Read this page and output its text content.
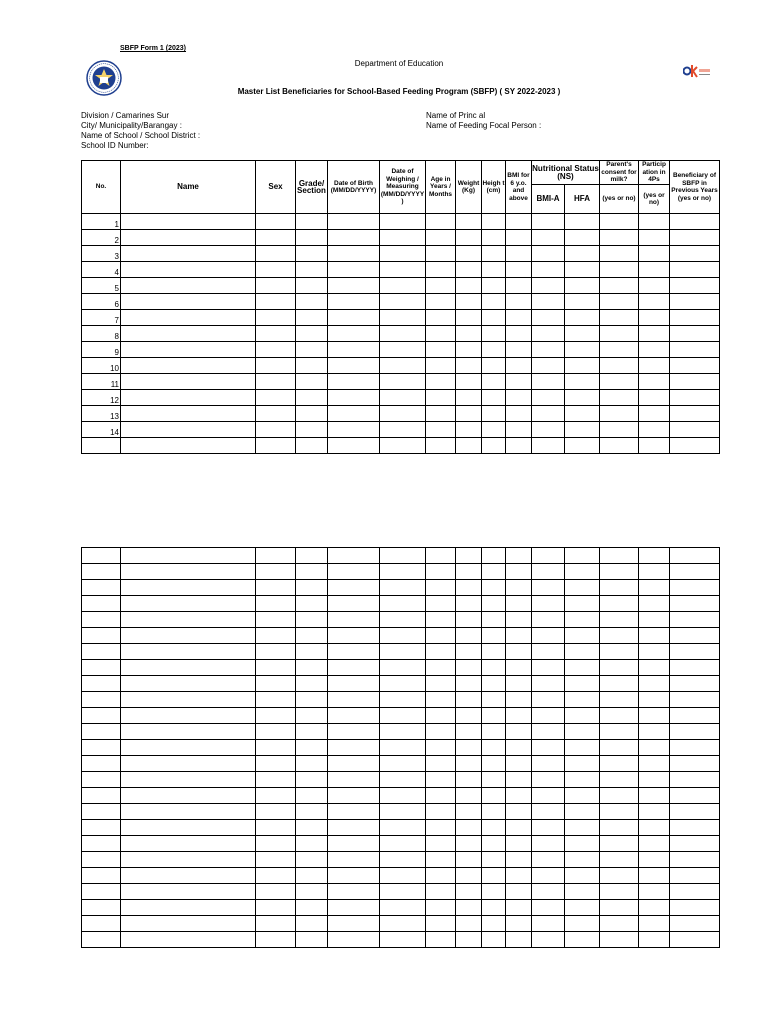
SBFP Form 1 (2023)
Department of Education
Master List Beneficiaries for School-Based Feeding Program (SBFP) ( SY 2022-2023 )
Division / Camarines Sur
City/ Municipality/Barangay :
Name of School / School District :
School ID Number:
Name of Princ al
Name of Feeding Focal Person :
No.	Name	Sex	Grade/ Section	Date of Birth (MM/DD/YYYY)	Date of Weighing / Measuring (MM/DD/YYYY )	Age in Years / Months	Weight (Kg)	Heigh t (cm)	BMI for 6 y.o. and above	Nutritional Status (NS)		Parent's consent for milk?	Particip ation in 4Ps	Beneficiary of SBFP in Previous Years (yes or no)
										BMI-A	HFA	(yes or no)	(yes or no)	
1														
2														
3														
4														
5														
6														
7														
8														
9														
10														
11														
12														
13														
14														
